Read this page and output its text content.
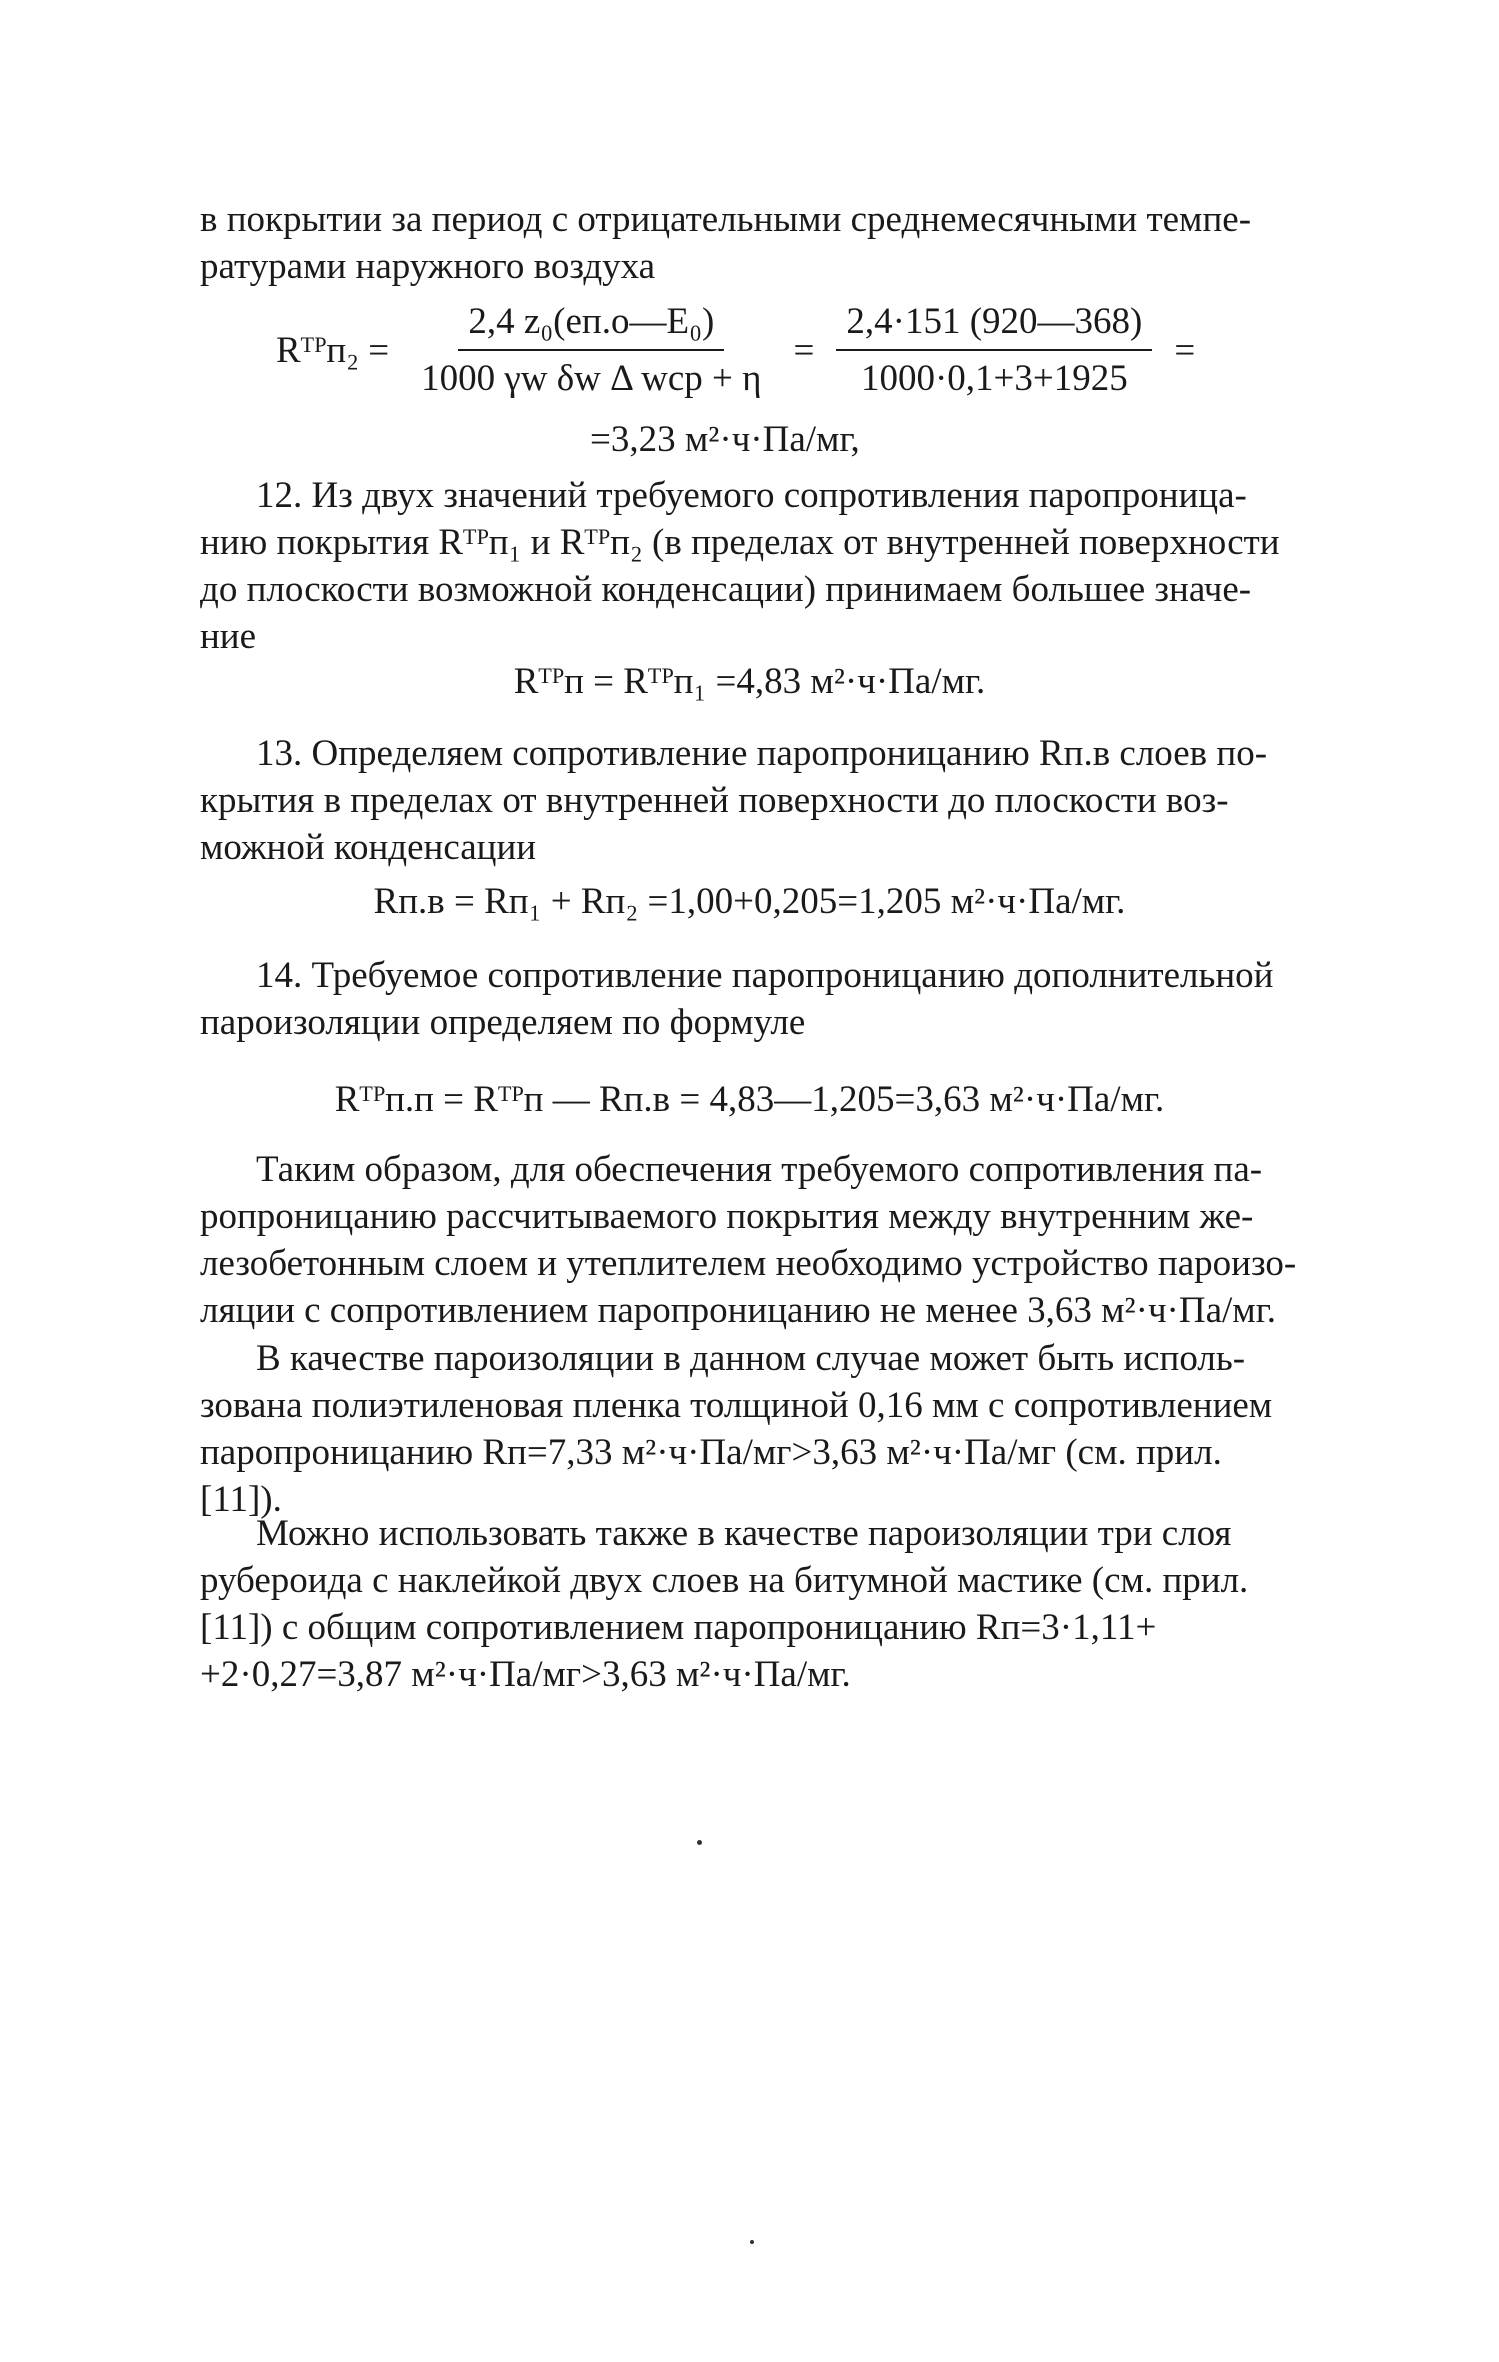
в покрытии за период с отрицательными среднемесячными темпе-
ратурами наружного воздуха
Rᵀᴾп₂ = $\frac{\text{2,4 z₀(eп.о—E₀)}}{\text{1000 γw δw Δ wср + η}} = \frac{2,4\cdot 151 (920—368)}{1000\cdot 0,1+3+1925}$ =
=3,23 м²·ч·Па/мг,
12. Из двух значений требуемого сопротивления паропроница-
нию покрытия Rᵀᴾп₁ и Rᵀᴾп₂ (в пределах от внутренней поверхности
до плоскости возможной конденсации) принимаем большее значе-
ние
Rᵀᴾп = Rᵀᴾп₁ =4,83 м²·ч·Па/мг.
13. Определяем сопротивление паропроницанию Rп.в слоев по-
крытия в пределах от внутренней поверхности до плоскости воз-
можной конденсации
Rп.в = Rп₁ + Rп₂ =1,00+0,205=1,205 м²·ч·Па/мг.
14. Требуемое сопротивление паропроницанию дополнительной
пароизоляции определяем по формуле
Rᵀᴾп.п = Rᵀᴾп — Rп.в = 4,83—1,205=3,63 м²·ч·Па/мг.
Таким образом, для обеспечения требуемого сопротивления па-
ропроницанию рассчитываемого покрытия между внутренним же-
лезобетонным слоем и утеплителем необходимо устройство пароизо-
ляции с сопротивлением паропроницанию не менее 3,63 м²·ч·Па/мг.
В качестве пароизоляции в данном случае может быть исполь-
зована полиэтиленовая пленка толщиной 0,16 мм с сопротивлением
паропроницанию Rп=7,33 м²·ч·Па/мг>3,63 м²·ч·Па/мг (см. прил.
[11]).
Можно использовать также в качестве пароизоляции три слоя
рубероида с наклейкой двух слоев на битумной мастике (см. прил.
[11]) с общим сопротивлением паропроницанию Rп=3·1,11+
+2·0,27=3,87 м²·ч·Па/мг>3,63 м²·ч·Па/мг.
